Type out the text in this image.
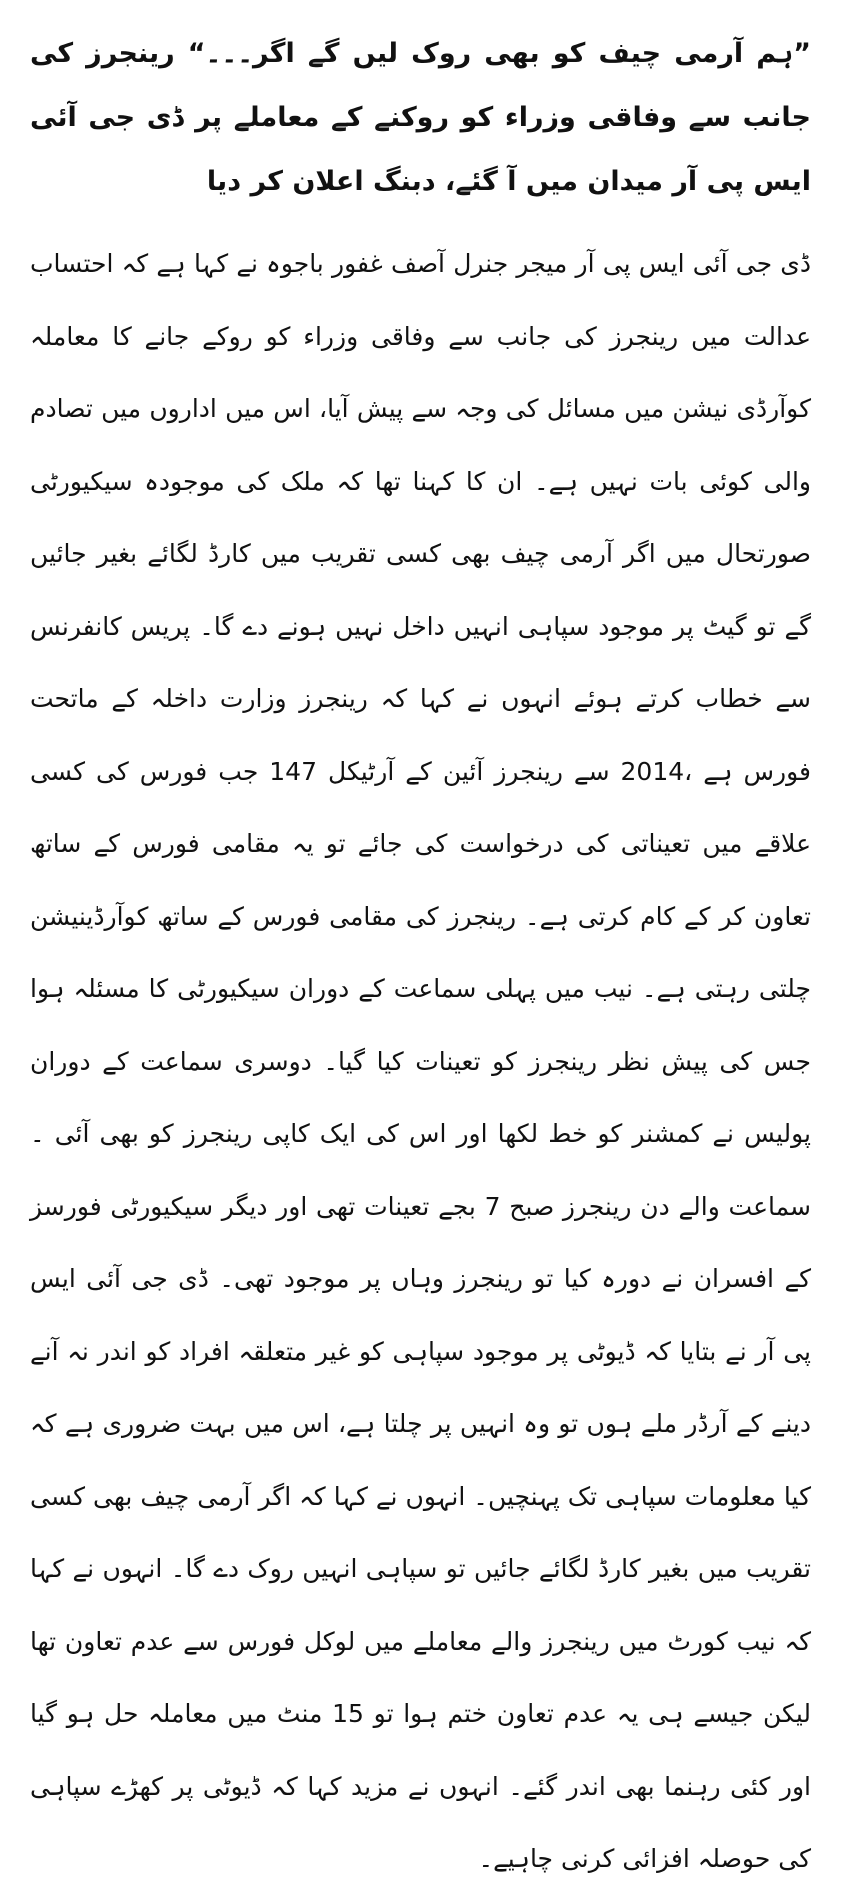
”ہم آرمی چیف کو بھی روک لیں گے اگر۔۔۔“ رینجرز کی جانب سے وفاقی وزراء کو روکنے کے معاملے پر ڈی جی آئی ایس پی آر میدان میں آ گئے، دبنگ اعلان کر دیا

ڈی جی آئی ایس پی آر میجر جنرل آصف غفور باجوہ نے کہا ہے کہ احتساب عدالت میں رینجرز کی جانب سے وفاقی وزراء کو روکے جانے کا معاملہ کوآرڈی نیشن میں مسائل کی وجہ سے پیش آیا، اس میں اداروں میں تصادم والی کوئی بات نہیں ہے۔ ان کا کہنا تھا کہ ملک کی موجودہ سیکیورٹی صورتحال میں اگر آرمی چیف بھی کسی تقریب میں کارڈ لگائے بغیر جائیں گے تو گیٹ پر موجود سپاہی انہیں داخل نہیں ہونے دے گا۔ پریس کانفرنس سے خطاب کرتے ہوئے انہوں نے کہا کہ رینجرز وزارت داخلہ کے ماتحت فورس ہے ،2014 سے رینجرز آئین کے آرٹیکل 147 جب فورس کی کسی علاقے میں تعیناتی کی درخواست کی جائے تو یہ مقامی فورس کے ساتھ تعاون کر کے کام کرتی ہے۔ رینجرز کی مقامی فورس کے ساتھ کوآرڈینیشن چلتی رہتی ہے۔ نیب میں پہلی سماعت کے دوران سیکیورٹی کا مسئلہ ہوا جس کی پیش نظر رینجرز کو تعینات کیا گیا۔ دوسری سماعت کے دوران پولیس نے کمشنر کو خط لکھا اور اس کی ایک کاپی رینجرز کو بھی آئی ۔سماعت والے دن رینجرز صبح 7 بجے تعینات تھی اور دیگر سیکیورٹی فورسز کے افسران نے دورہ کیا تو رینجرز وہاں پر موجود تھی۔ ڈی جی آئی ایس پی آر نے بتایا کہ ڈیوٹی پر موجود سپاہی کو غیر متعلقہ افراد کو اندر نہ آنے دینے کے آرڈر ملے ہوں تو وہ انہیں پر چلتا ہے، اس میں بہت ضروری ہے کہ کیا معلومات سپاہی تک پہنچیں۔ انہوں نے کہا کہ اگر آرمی چیف بھی کسی تقریب میں بغیر کارڈ لگائے جائیں تو سپاہی انہیں روک دے گا۔ انہوں نے کہا کہ نیب کورٹ میں رینجرز والے معاملے میں لوکل فورس سے عدم تعاون تھا لیکن جیسے ہی یہ عدم تعاون ختم ہوا تو 15 منٹ میں معاملہ حل ہو گیا اور کئی رہنما بھی اندر گئے۔ انہوں نے مزید کہا کہ ڈیوٹی پر کھڑے سپاہی کی حوصلہ افزائی کرنی چاہیے۔
